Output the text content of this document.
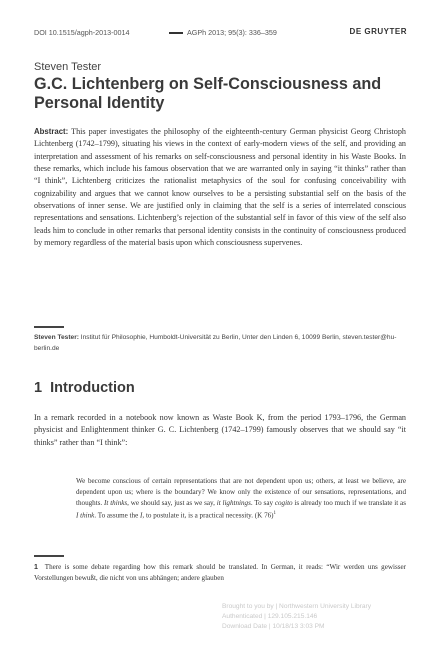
DOI 10.1515/agph-2013-0014	AGPh 2013; 95(3): 336–359	DE GRUYTER
Steven Tester
G.C. Lichtenberg on Self-Consciousness and Personal Identity

Abstract: This paper investigates the philosophy of the eighteenth-century German physicist Georg Christoph Lichtenberg (1742–1799), situating his views in the context of early-modern views of the self, and providing an interpretation and assessment of his remarks on self-consciousness and personal identity in his Waste Books. In these remarks, which include his famous observation that we are warranted only in saying “it thinks” rather than “I think”, Lichtenberg criticizes the rationalist metaphysics of the soul for confusing conceivability with cognizability and argues that we cannot know ourselves to be a persisting substantial self on the basis of the observations of inner sense. We are justified only in claiming that the self is a series of interrelated conscious representations and sensations. Lichtenberg’s rejection of the substantial self in favor of this view of the self also leads him to conclude in other remarks that personal identity consists in the continuity of consciousness produced by memory regardless of the material basis upon which consciousness supervenes.

Steven Tester: Institut für Philosophie, Humboldt-Universität zu Berlin, Unter den Linden 6, 10099 Berlin, steven.tester@hu-berlin.de

1 Introduction

In a remark recorded in a notebook now known as Waste Book K, from the period 1793–1796, the German physicist and Enlightenment thinker G. C. Lichtenberg (1742–1799) famously observes that we should say “it thinks” rather than “I think”:

We become conscious of certain representations that are not dependent upon us; others, at least we believe, are dependent upon us; where is the boundary? We know only the existence of our sensations, representations, and thoughts. It thinks, we should say, just as we say, it lightnings. To say cogito is already too much if we translate it as I think. To assume the I, to postulate it, is a practical necessity. (K 76)$^1$

1 There is some debate regarding how this remark should be translated. In German, it reads: “Wir werden uns gewisser Vorstellungen bewußt, die nicht von uns abhängen; andere glauben

Brought to you by | Northwestern University Library
Authenticated | 129.105.215.146
Download Date | 10/18/13 3:03 PM
